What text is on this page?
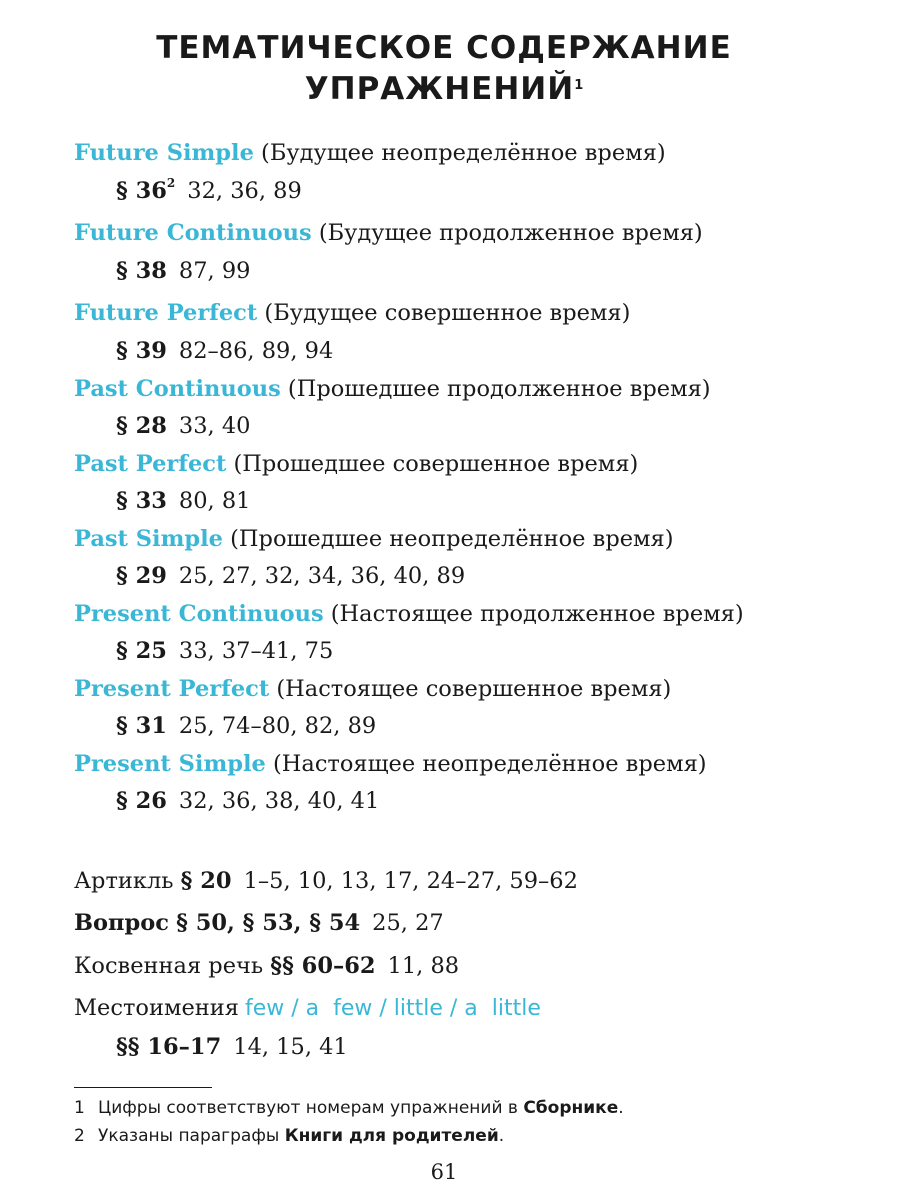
ТЕМАТИЧЕСКОЕ СОДЕРЖАНИЕ
УПРАЖНЕНИЙ$^1$
Future Simple (Будущее неопределённое время)
§ $36^2$ 32, 36, 89
Future Continuous (Будущее продолженное время)
§ 38 87, 99
Future Perfect (Будущее совершенное время)
§ 39 82–86, 89, 94
Past Continuous (Прошедшее продолженное время)
§ 28 33, 40
Past Perfect (Прошедшее совершенное время)
§ 33 80, 81
Past Simple (Прошедшее неопределённое время)
§ 29 25, 27, 32, 34, 36, 40, 89
Present Continuous (Настоящее продолженное время)
§ 25 33, 37–41, 75
Present Perfect (Настоящее совершенное время)
§ 31 25, 74–80, 82, 89
Present Simple (Настоящее неопределённое время)
§ 26 32, 36, 38, 40, 41
Артикль § 20 1–5, 10, 13, 17, 24–27, 59–62
Вопрос § 50, § 53, § 54 25, 27
Косвенная речь §§ 60–62 11, 88
Местоимения few / a  few / little / a  little
§§ 16–17 14, 15, 41
1 Цифры соответствуют номерам упражнений в Сборнике.
2 Указаны параграфы Книги для родителей.
61
